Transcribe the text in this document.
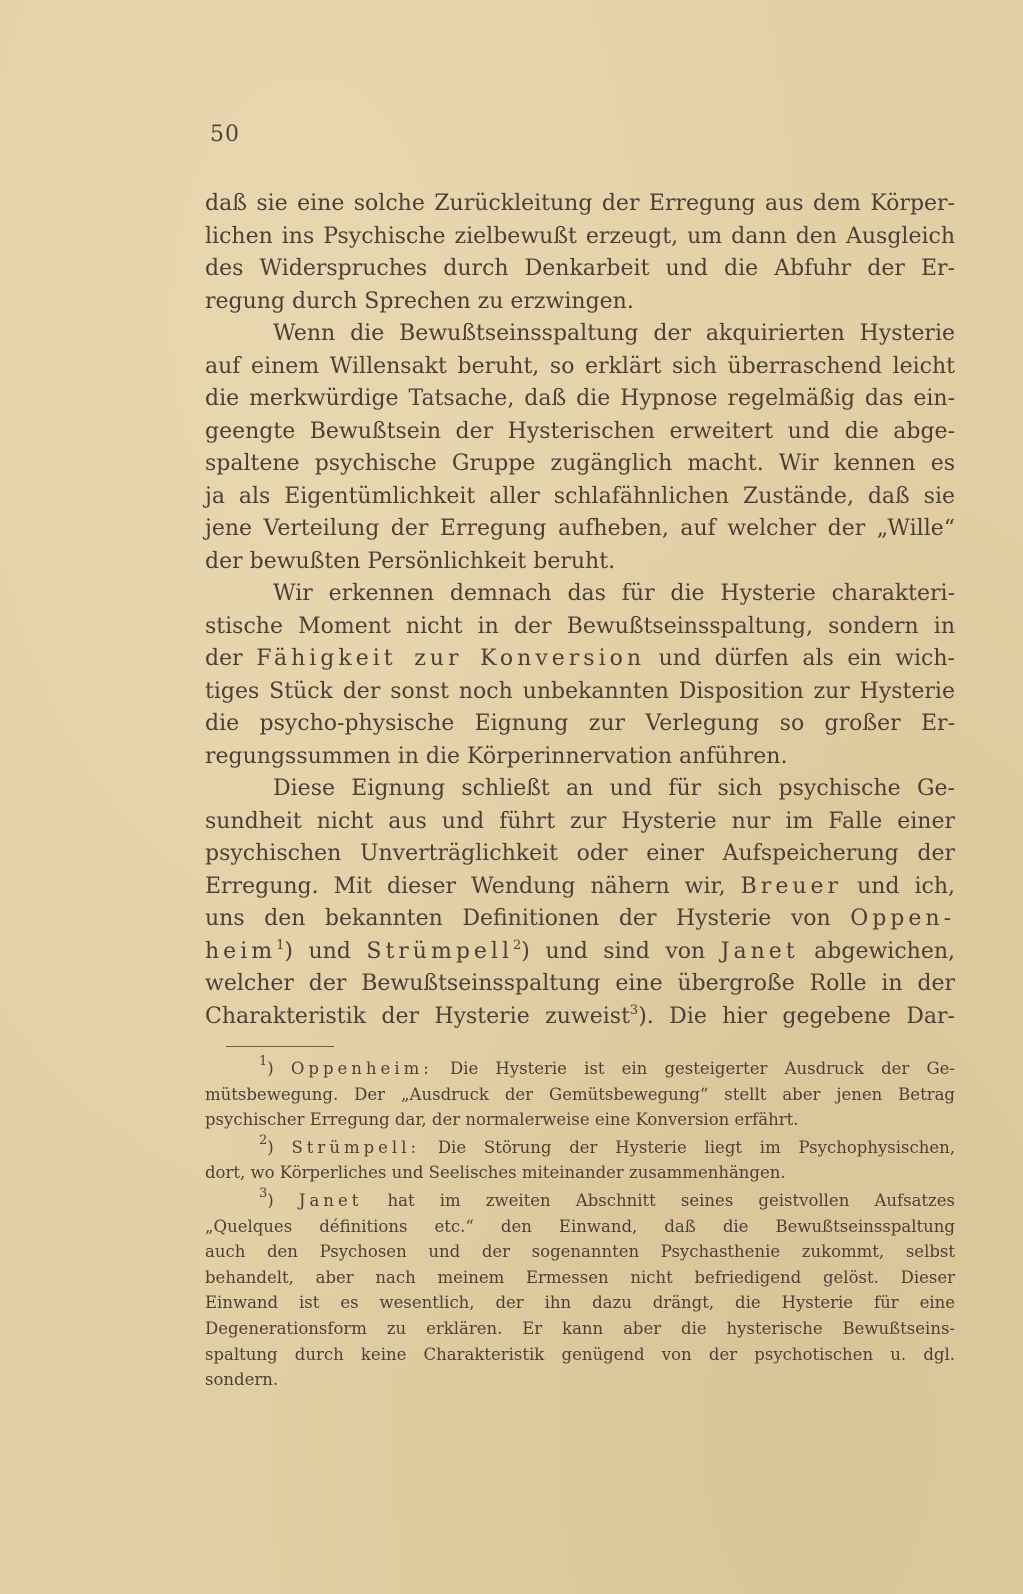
50
daß sie eine solche Zurückleitung der Erregung aus dem Körper-
lichen ins Psychische zielbewußt erzeugt, um dann den Ausgleich
des Widerspruches durch Denkarbeit und die Abfuhr der Er-
regung durch Sprechen zu erzwingen.
Wenn die Bewußtseinsspaltung der akquirierten Hysterie
auf einem Willensakt beruht, so erklärt sich überraschend leicht
die merkwürdige Tatsache, daß die Hypnose regelmäßig das ein-
geengte Bewußtsein der Hysterischen erweitert und die abge-
spaltene psychische Gruppe zugänglich macht. Wir kennen es
ja als Eigentümlichkeit aller schlafähnlichen Zustände, daß sie
jene Verteilung der Erregung aufheben, auf welcher der „Wille“
der bewußten Persönlichkeit beruht.
Wir erkennen demnach das für die Hysterie charakteri-
stische Moment nicht in der Bewußtseinsspaltung, sondern in
der Fähigkeit zur Konversion und dürfen als ein wich-
tiges Stück der sonst noch unbekannten Disposition zur Hysterie
die psycho-physische Eignung zur Verlegung so großer Er-
regungssummen in die Körperinnervation anführen.
Diese Eignung schließt an und für sich psychische Ge-
sundheit nicht aus und führt zur Hysterie nur im Falle einer
psychischen Unverträglichkeit oder einer Aufspeicherung der
Erregung. Mit dieser Wendung nähern wir, Breuer und ich,
uns den bekannten Definitionen der Hysterie von Oppen-
heim$^1$) und Strümpell$^2$) und sind von Janet abgewichen,
welcher der Bewußtseinsspaltung eine übergroße Rolle in der
Charakteristik der Hysterie zuweist$^3$). Die hier gegebene Dar-
$^1$) Oppenheim: Die Hysterie ist ein gesteigerter Ausdruck der Ge-
mütsbewegung. Der „Ausdruck der Gemütsbewegung“ stellt aber jenen Betrag
psychischer Erregung dar, der normalerweise eine Konversion erfährt.
$^2$) Strümpell: Die Störung der Hysterie liegt im Psychophysischen,
dort, wo Körperliches und Seelisches miteinander zusammenhängen.
$^3$) Janet hat im zweiten Abschnitt seines geistvollen Aufsatzes
„Quelques définitions etc.“ den Einwand, daß die Bewußtseinsspaltung
auch den Psychosen und der sogenannten Psychasthenie zukommt, selbst
behandelt, aber nach meinem Ermessen nicht befriedigend gelöst. Dieser
Einwand ist es wesentlich, der ihn dazu drängt, die Hysterie für eine
Degenerationsform zu erklären. Er kann aber die hysterische Bewußtseins-
spaltung durch keine Charakteristik genügend von der psychotischen u. dgl.
sondern.
